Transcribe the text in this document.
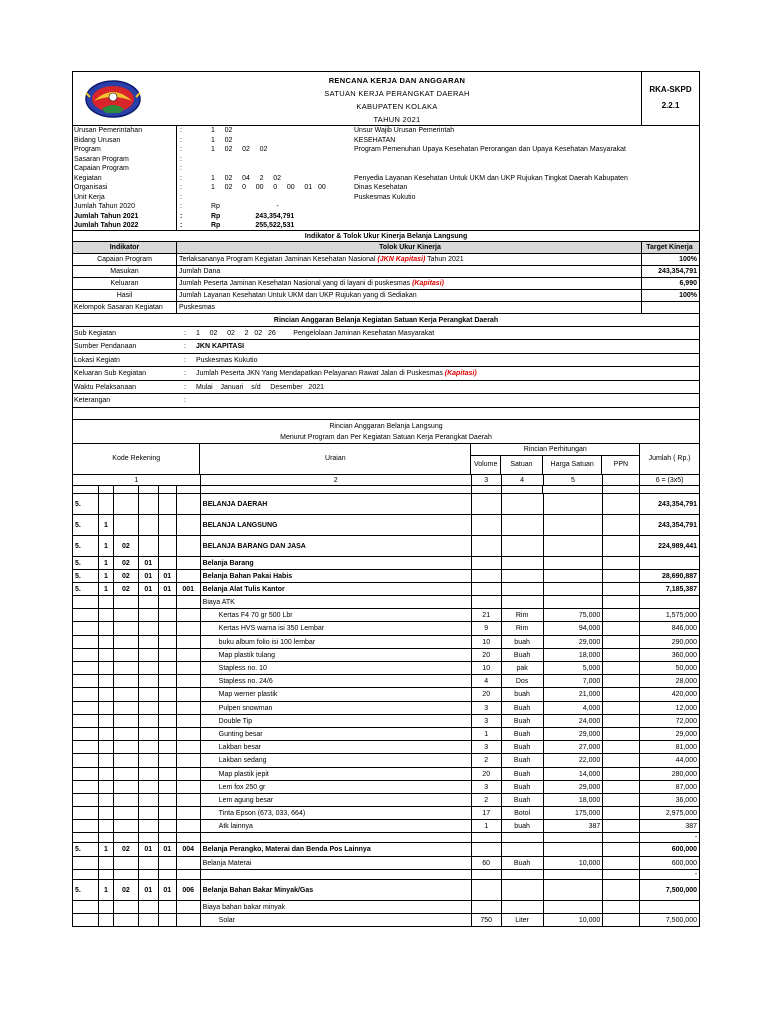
RENCANA KERJA DAN ANGGARAN
SATUAN KERJA PERANGKAT DAERAH
KABUPATEN KOLAKA
TAHUN 2021
RKA-SKPD
2.2.1
Urusan Pemerintahan	:	1     02	Unsur Wajib Urusan Pemerintah
Bidang Urusan	:	1     02	KESEHATAN
Program	:	1     02     02     02	Program Pemenuhan Upaya Kesehatan Perorangan dan Upaya Kesehatan Masyarakat
Sasaran Program	:
Capaian Program	:
Kegiatan	:	1     02     04     2     02	Penyedia Layanan Kesehatan Untuk UKM dan UKP Rujukan Tingkat Daerah Kabupaten
Organisasi	:	1     02     0     00     0     00     01   00	Dinas Kesehatan
Unit Kerja	:	Puskesmas Kukutio
Jumlah Tahun 2020	:	Rp                             -
Jumlah Tahun 2021	:	Rp                  243,354,791
Jumlah Tahun 2022	:	Rp                  255,522,531
Indikator & Tolok Ukur Kinerja Belanja Langsung
Indikator	Tolok Ukur Kinerja	Target Kinerja
Capaian Program	Terlaksananya Program Kegiatan Jaminan Kesehatan Nasional (JKN Kapitasi) Tahun 2021	100%
Masukan	Jumlah Dana	243,354,791
Keluaran	Jumlah Peserta Jaminan Kesehatan Nasional yang di layani di puskesmas (Kapitasi)	6,990
Hasil	Jumlah Layanan Kesehatan Untuk UKM dan UKP Rujukan yang di Sediakan	100%
Kelompok Sasaran Kegiatan	Puskesmas
Rincian Anggaran Belanja Kegiatan Satuan Kerja Perangkat Daerah
Sub Kegiatan	:	1     02     02     2   02   26         Pengelolaan Jaminan Kesehatan Masyarakat
Sumber Pendanaan	:	JKN KAPITASI
Lokasi Kegiatn	:	Puskesmas Kukutio
Keluaran Sub Kegiatan	:	Jumlah Peserta JKN Yang Mendapatkan Pelayanan Rawat Jalan di Puskesmas (Kapitasi)
Waktu Pelaksanaan	:	Mulai    Januari    s/d     Desember   2021
Keterangan	:
Rincian Anggaran Belanja Langsung
Menurut Program dan Per Kegiatan Satuan Kerja Perangkat Daerah
Kode Rekening	Uraian
Rincian Perhitungan
Volume	Satuan	Harga Satuan	PPN
Jumlah ( Rp.)
1	2	3	4	5	6 = (3x5)
5.	BELANJA DAERAH	243,354,791
5.	1	BELANJA LANGSUNG	243,354,791
5.	1	02	BELANJA BARANG DAN JASA	224,989,441
5.	1	02	01	Belanja Barang
5.	1	02	01	01	Belanja Bahan Pakai Habis	28,690,887
5.	1	02	01	01	001	Belanja Alat Tulis Kantor	7,185,387
Biaya ATK
Kertas F4 70 gr 500 Lbr	21	Rim	75,000	1,575,000
Kertas HVS warna isi 350 Lembar	9	Rim	94,000	846,000
buku album folio isi 100 lembar	10	buah	29,000	290,000
Map plastik tulang	20	Buah	18,000	360,000
Stapless no. 10	10	pak	5,000	50,000
Stapless no. 24/6	4	Dos	7,000	28,000
Map werner plastik	20	buah	21,000	420,000
Pulpen snowman	3	Buah	4,000	12,000
Double Tip	3	Buah	24,000	72,000
Gunting besar	1	Buah	29,000	29,000
Lakban besar	3	Buah	27,000	81,000
Lakban sedang	2	Buah	22,000	44,000
Map plastik jepit	20	Buah	14,000	280,000
Lem fox 250 gr	3	Buah	29,000	87,000
Lem agung besar	2	Buah	18,000	36,000
Tinta Epson (673, 033, 664)	17	Botol	175,000	2,975,000
Atk lainnya	1	buah	387	387
-
5.	1	02	01	01	004	Belanja Perangko, Materai dan Benda Pos Lainnya	600,000
Belanja Materai	60	Buah	10,000	600,000
-
5.	1	02	01	01	006	Belanja Bahan Bakar Minyak/Gas	7,500,000
Biaya bahan bakar minyak
Solar	750	Liter	10,000	7,500,000
